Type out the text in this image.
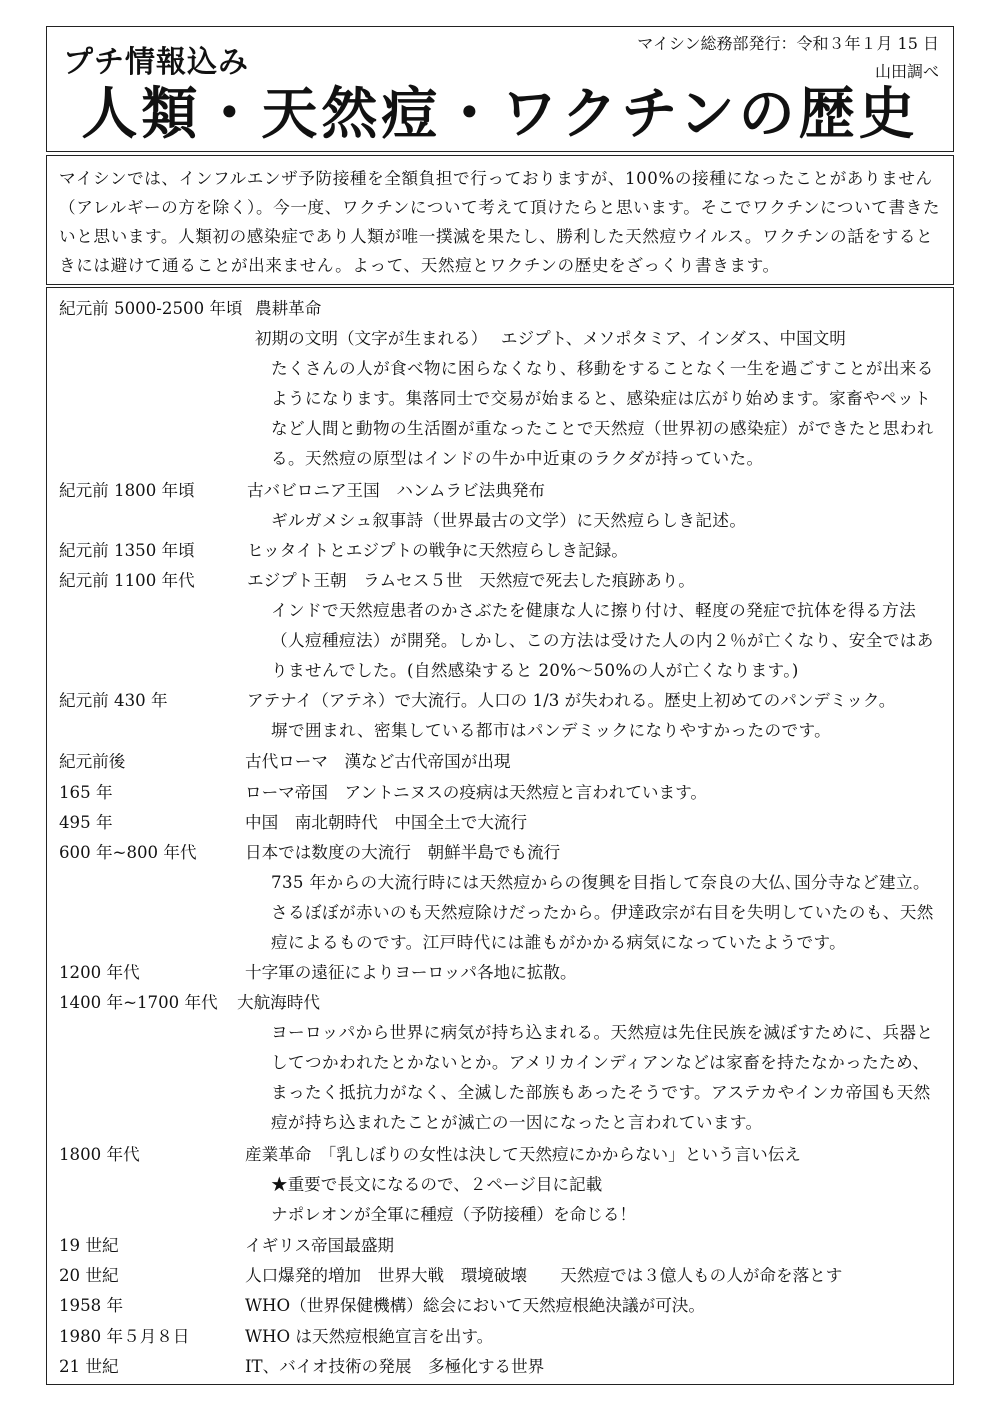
プチ情報込み
マイシン総務部発行：令和３年１月 15 日
山田調べ
人類・天然痘・ワクチンの歴史

マイシンでは、インフルエンザ予防接種を全額負担で行っておりますが、100%の接種になったことがありません（アレルギーの方を除く）。今一度、ワクチンについて考えて頂けたらと思います。そこでワクチンについて書きたいと思います。人類初の感染症であり人類が唯一撲滅を果たし、勝利した天然痘ウイルス。ワクチンの話をするときには避けて通ることが出来ません。よって、天然痘とワクチンの歴史をざっくり書きます。

紀元前 5000-2500 年頃 農耕革命
初期の文明（文字が生まれる）　 エジプト、メソポタミア、インダス、中国文明

たくさんの人が食べ物に困らなくなり、移動をすることなく一生を過ごすことが出来るようになります。集落同士で交易が始まると、感染症は広がり始めます。家畜やペットなど人間と動物の生活圏が重なったことで天然痘（世界初の感染症）ができたと思われる。天然痘の原型はインドの牛か中近東のラクダが持っていた。

紀元前 1800 年頃	古バビロニア王国　ハンムラビ法典発布

ギルガメシュ叙事詩（世界最古の文学）に天然痘らしき記述。

紀元前 1350 年頃	ヒッタイトとエジプトの戦争に天然痘らしき記録。
紀元前 1100 年代	エジプト王朝　ラムセス５世　天然痘で死去した痕跡あり。

インドで天然痘患者のかさぶたを健康な人に擦り付け、軽度の発症で抗体を得る方法（人痘種痘法）が開発。しかし、この方法は受けた人の内２％が亡くなり、安全ではありませんでした。(自然感染すると 20%〜50%の人が亡くなります。)

紀元前 430 年	アテナイ（アテネ）で大流行。人口の 1/3 が失われる。歴史上初めてのパンデミック。

塀で囲まれ、密集している都市はパンデミックになりやすかったのです。

紀元前後	古代ローマ　漢など古代帝国が出現
165 年	ローマ帝国　アントニヌスの疫病は天然痘と言われています。
495 年	中国　南北朝時代　中国全土で大流行
600 年~800 年代	日本では数度の大流行　朝鮮半島でも流行

735 年からの大流行時には天然痘からの復興を目指して奈良の大仏､国分寺など建立。さるぼぼが赤いのも天然痘除けだったから。伊達政宗が右目を失明していたのも、天然痘によるものです。江戸時代には誰もがかかる病気になっていたようです。

1200 年代	十字軍の遠征によりヨーロッパ各地に拡散。
1400 年~1700 年代 大航海時代

ヨーロッパから世界に病気が持ち込まれる。天然痘は先住民族を滅ぼすために、兵器としてつかわれたとかないとか。アメリカインディアンなどは家畜を持たなかったため、まったく抵抗力がなく、全滅した部族もあったそうです。アステカやインカ帝国も天然痘が持ち込まれたことが滅亡の一因になったと言われています。

1800 年代	産業革命　「乳しぼりの女性は決して天然痘にかからない」という言い伝え
★重要で長文になるので、２ページ目に記載
ナポレオンが全軍に種痘（予防接種）を命じる！
19 世紀	イギリス帝国最盛期
20 世紀	人口爆発的増加　世界大戦　環境破壊　　天然痘では３億人もの人が命を落とす
1958 年	WHO（世界保健機構）総会において天然痘根絶決議が可決。
1980 年５月８日	WHO は天然痘根絶宣言を出す。
21 世紀	IT、バイオ技術の発展　多極化する世界
